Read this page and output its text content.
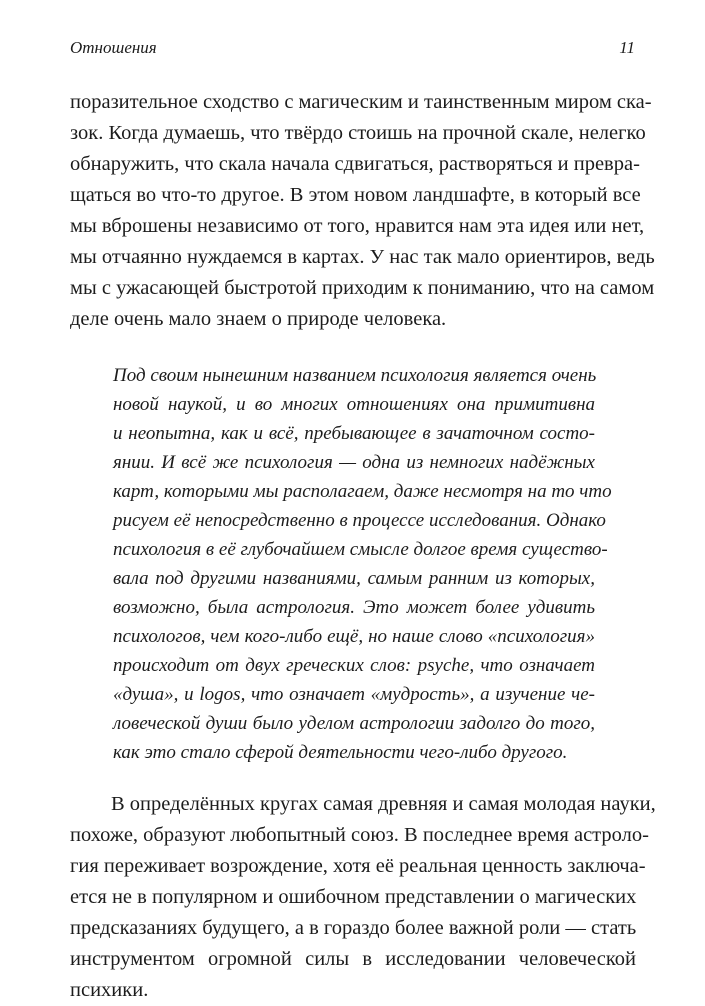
Отношения	11
поразительное сходство с магическим и таинственным миром ска-
зок. Когда думаешь, что твёрдо стоишь на прочной скале, нелегко
обнаружить, что скала начала сдвигаться, растворяться и превра-
щаться во что-то другое. В этом новом ландшафте, в который все
мы вброшены независимо от того, нравится нам эта идея или нет,
мы отчаянно нуждаемся в картах. У нас так мало ориентиров, ведь
мы с ужасающей быстротой приходим к пониманию, что на самом
деле очень мало знаем о природе человека.
Под своим нынешним названием психология является очень
новой наукой, и во многих отношениях она примитивна
и неопытна, как и всё, пребывающее в зачаточном состо-
янии. И всё же психология — одна из немногих надёжных
карт, которыми мы располагаем, даже несмотря на то что
рисуем её непосредственно в процессе исследования. Однако
психология в её глубочайшем смысле долгое время существо-
вала под другими названиями, самым ранним из которых,
возможно, была астрология. Это может более удивить
психологов, чем кого-либо ещё, но наше слово «психология»
происходит от двух греческих слов: psyche, что означает
«душа», и logos, что означает «мудрость», а изучение че-
ловеческой души было уделом астрологии задолго до того,
как это стало сферой деятельности чего-либо другого.
В определённых кругах самая древняя и самая молодая науки,
похоже, образуют любопытный союз. В последнее время астроло-
гия переживает возрождение, хотя её реальная ценность заключа-
ется не в популярном и ошибочном представлении о магических
предсказаниях будущего, а в гораздо более важной роли — стать
инструментом огромной силы в исследовании человеческой
психики.
